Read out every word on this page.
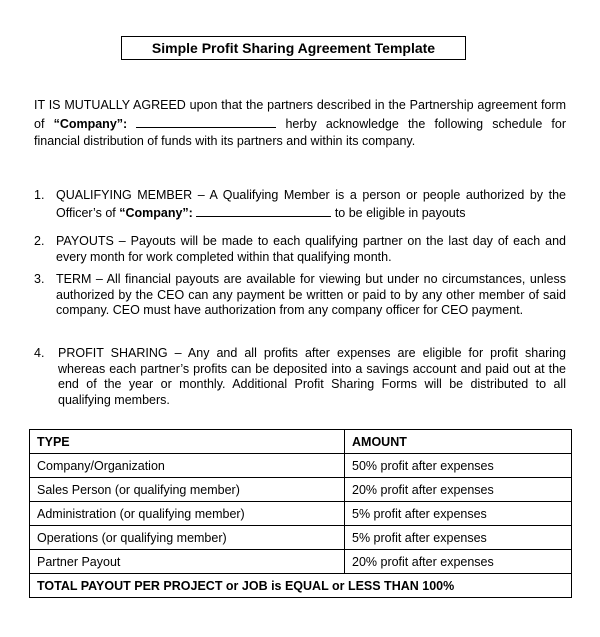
Simple Profit Sharing Agreement Template

IT IS MUTUALLY AGREED upon that the partners described in the Partnership agreement form of “Company”:	herby acknowledge the following schedule for financial distribution of funds with its partners and within its company.

1. QUALIFYING MEMBER – A Qualifying Member is a person or people authorized by the Officer’s of “Company”:	to be eligible in payouts

2. PAYOUTS – Payouts will be made to each qualifying partner on the last day of each and every month for work completed within that qualifying month.

3. TERM – All financial payouts are available for viewing but under no circumstances, unless authorized by the CEO can any payment be written or paid to by any other member of said company. CEO must have authorization from any company officer for CEO payment.

4. PROFIT SHARING – Any and all profits after expenses are eligible for profit sharing whereas each partner’s profits can be deposited into a savings account and paid out at the end of the year or monthly. Additional Profit Sharing Forms will be distributed to all qualifying members.

TYPE	AMOUNT
Company/Organization	50% profit after expenses
Sales Person (or qualifying member)	20% profit after expenses
Administration (or qualifying member)	5% profit after expenses
Operations (or qualifying member)	5% profit after expenses
Partner Payout	20% profit after expenses
TOTAL PAYOUT PER PROJECT or JOB is EQUAL or LESS THAN 100%	
